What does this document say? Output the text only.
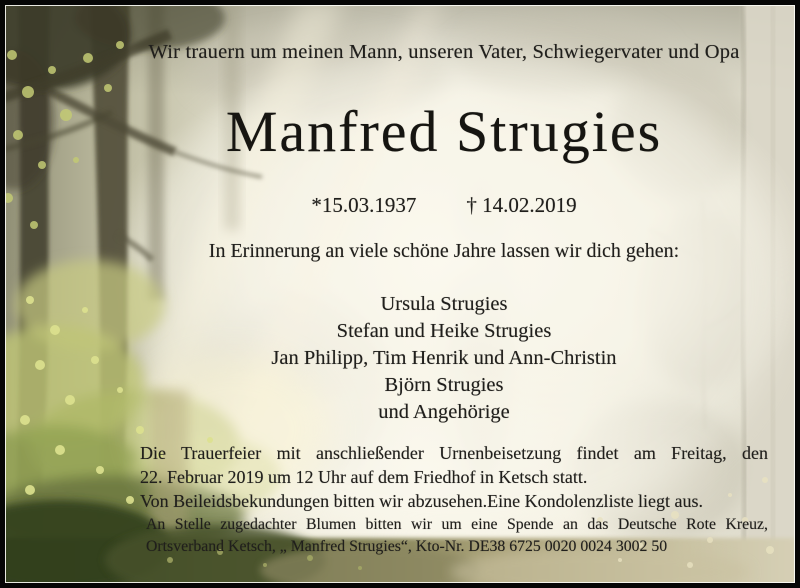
Wir trauern um meinen Mann, unseren Vater, Schwiegervater und Opa
Manfred Strugies
*15.03.1937 † 14.02.2019
In Erinnerung an viele schöne Jahre lassen wir dich gehen:
Ursula Strugies
Stefan und Heike Strugies
Jan Philipp, Tim Henrik und Ann-Christin
Björn Strugies
und Angehörige
Die Trauerfeier mit anschließender Urnenbeisetzung findet am Freitag, den
22. Februar 2019 um 12 Uhr auf dem Friedhof in Ketsch statt.
Von Beileidsbekundungen bitten wir abzusehen.Eine Kondolenzliste liegt aus.
An Stelle zugedachter Blumen bitten wir um eine Spende an das Deutsche Rote Kreuz,
Ortsverband Ketsch, „ Manfred Strugies“, Kto-Nr. DE38 6725 0020 0024 3002 50
